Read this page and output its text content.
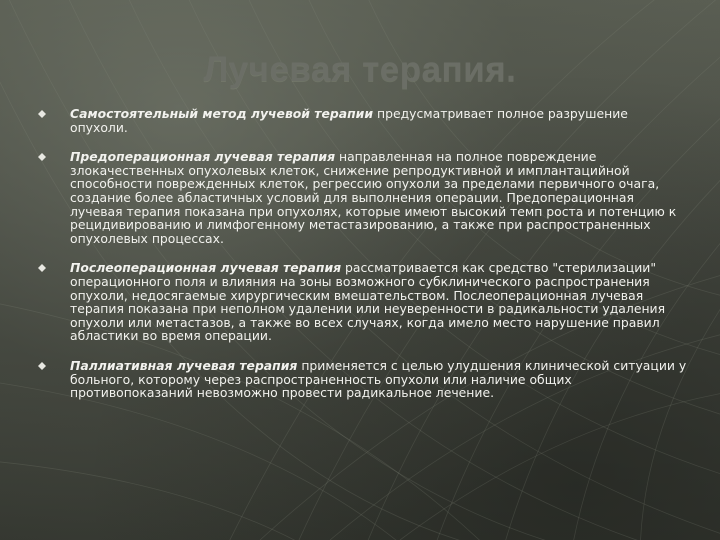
Лучевая терапия.
Самостоятельный метод лучевой терапии предусматривает полное разрушение опухоли.
Предоперационная лучевая терапия направленная на полное повреждение злокачественных опухолевых клеток, снижение репродуктивной и имплантацийной способности поврежденных клеток, регрессию опухоли за пределами первичного очага, создание более абластичных условий для выполнения операции. Предоперационная лучевая терапия показана при опухолях, которые имеют высокий темп роста и потенцию к рецидивированию и лимфогенному метастазированию, а также при распространенных опухолевых процессах.
Послеоперационная лучевая терапия рассматривается как средство "стерилизации" операционного поля и влияния на зоны возможного субклинического распространения опухоли, недосягаемые хирургическим вмешательством. Послеоперационная лучевая терапия показана при неполном удалении или неуверенности в радикальности удаления опухоли или метастазов, а также во всех случаях, когда имело место нарушение правил абластики во время операции.
Паллиативная лучевая терапия применяется с целью улудшения клинической ситуации у больного, которому через распространенность опухоли или наличие общих противопоказаний невозможно провести радикальное лечение.
